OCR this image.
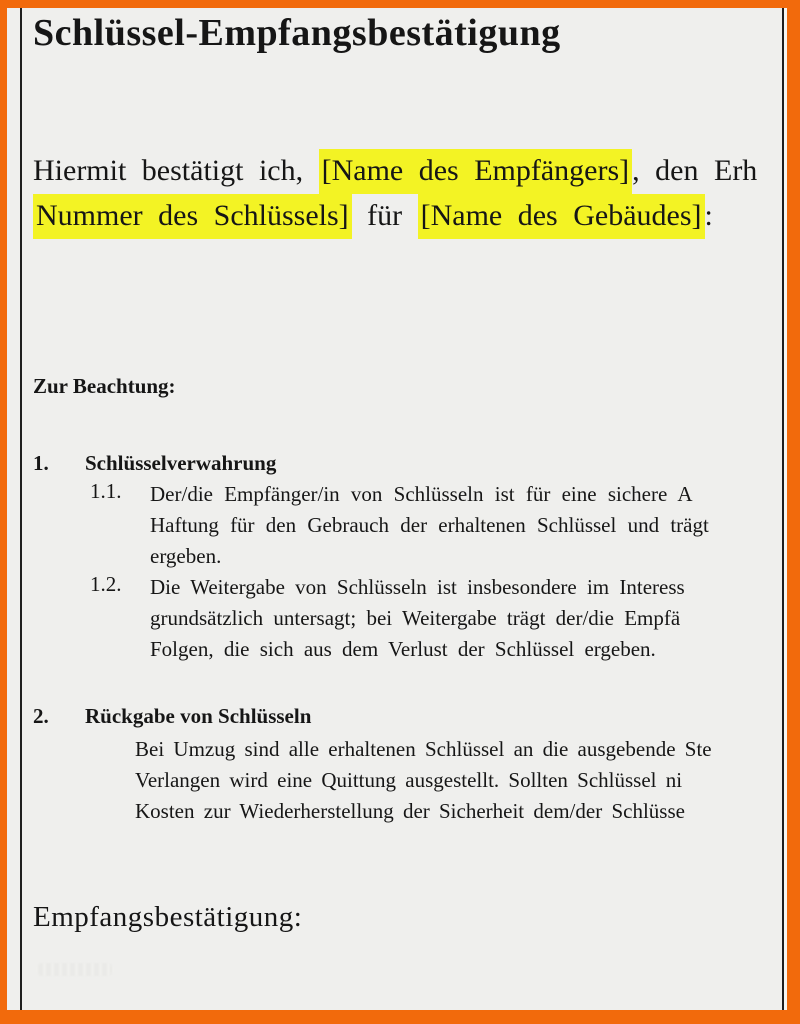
Schlüssel-Empfangsbestätigung
Hiermit bestätigt ich, [Name des Empfängers] , den Erh
Nummer des Schlüssels] für [Name des Gebäudes] :
Zur Beachtung:
1. Schlüsselverwahrung
1.1. Der/die Empfänger/in von Schlüsseln ist für eine sichere A
Haftung für den Gebrauch der erhaltenen Schlüssel und trägt
ergeben.
1.2. Die Weitergabe von Schlüsseln ist insbesondere im Interess
grundsätzlich untersagt; bei Weitergabe trägt der/die Empfä
Folgen, die sich aus dem Verlust der Schlüssel ergeben.
2. Rückgabe von Schlüsseln
Bei Umzug sind alle erhaltenen Schlüssel an die ausgebende Ste
Verlangen wird eine Quittung ausgestellt. Sollten Schlüssel ni
Kosten zur Wiederherstellung der Sicherheit dem/der Schlüsse
Empfangsbestätigung:
